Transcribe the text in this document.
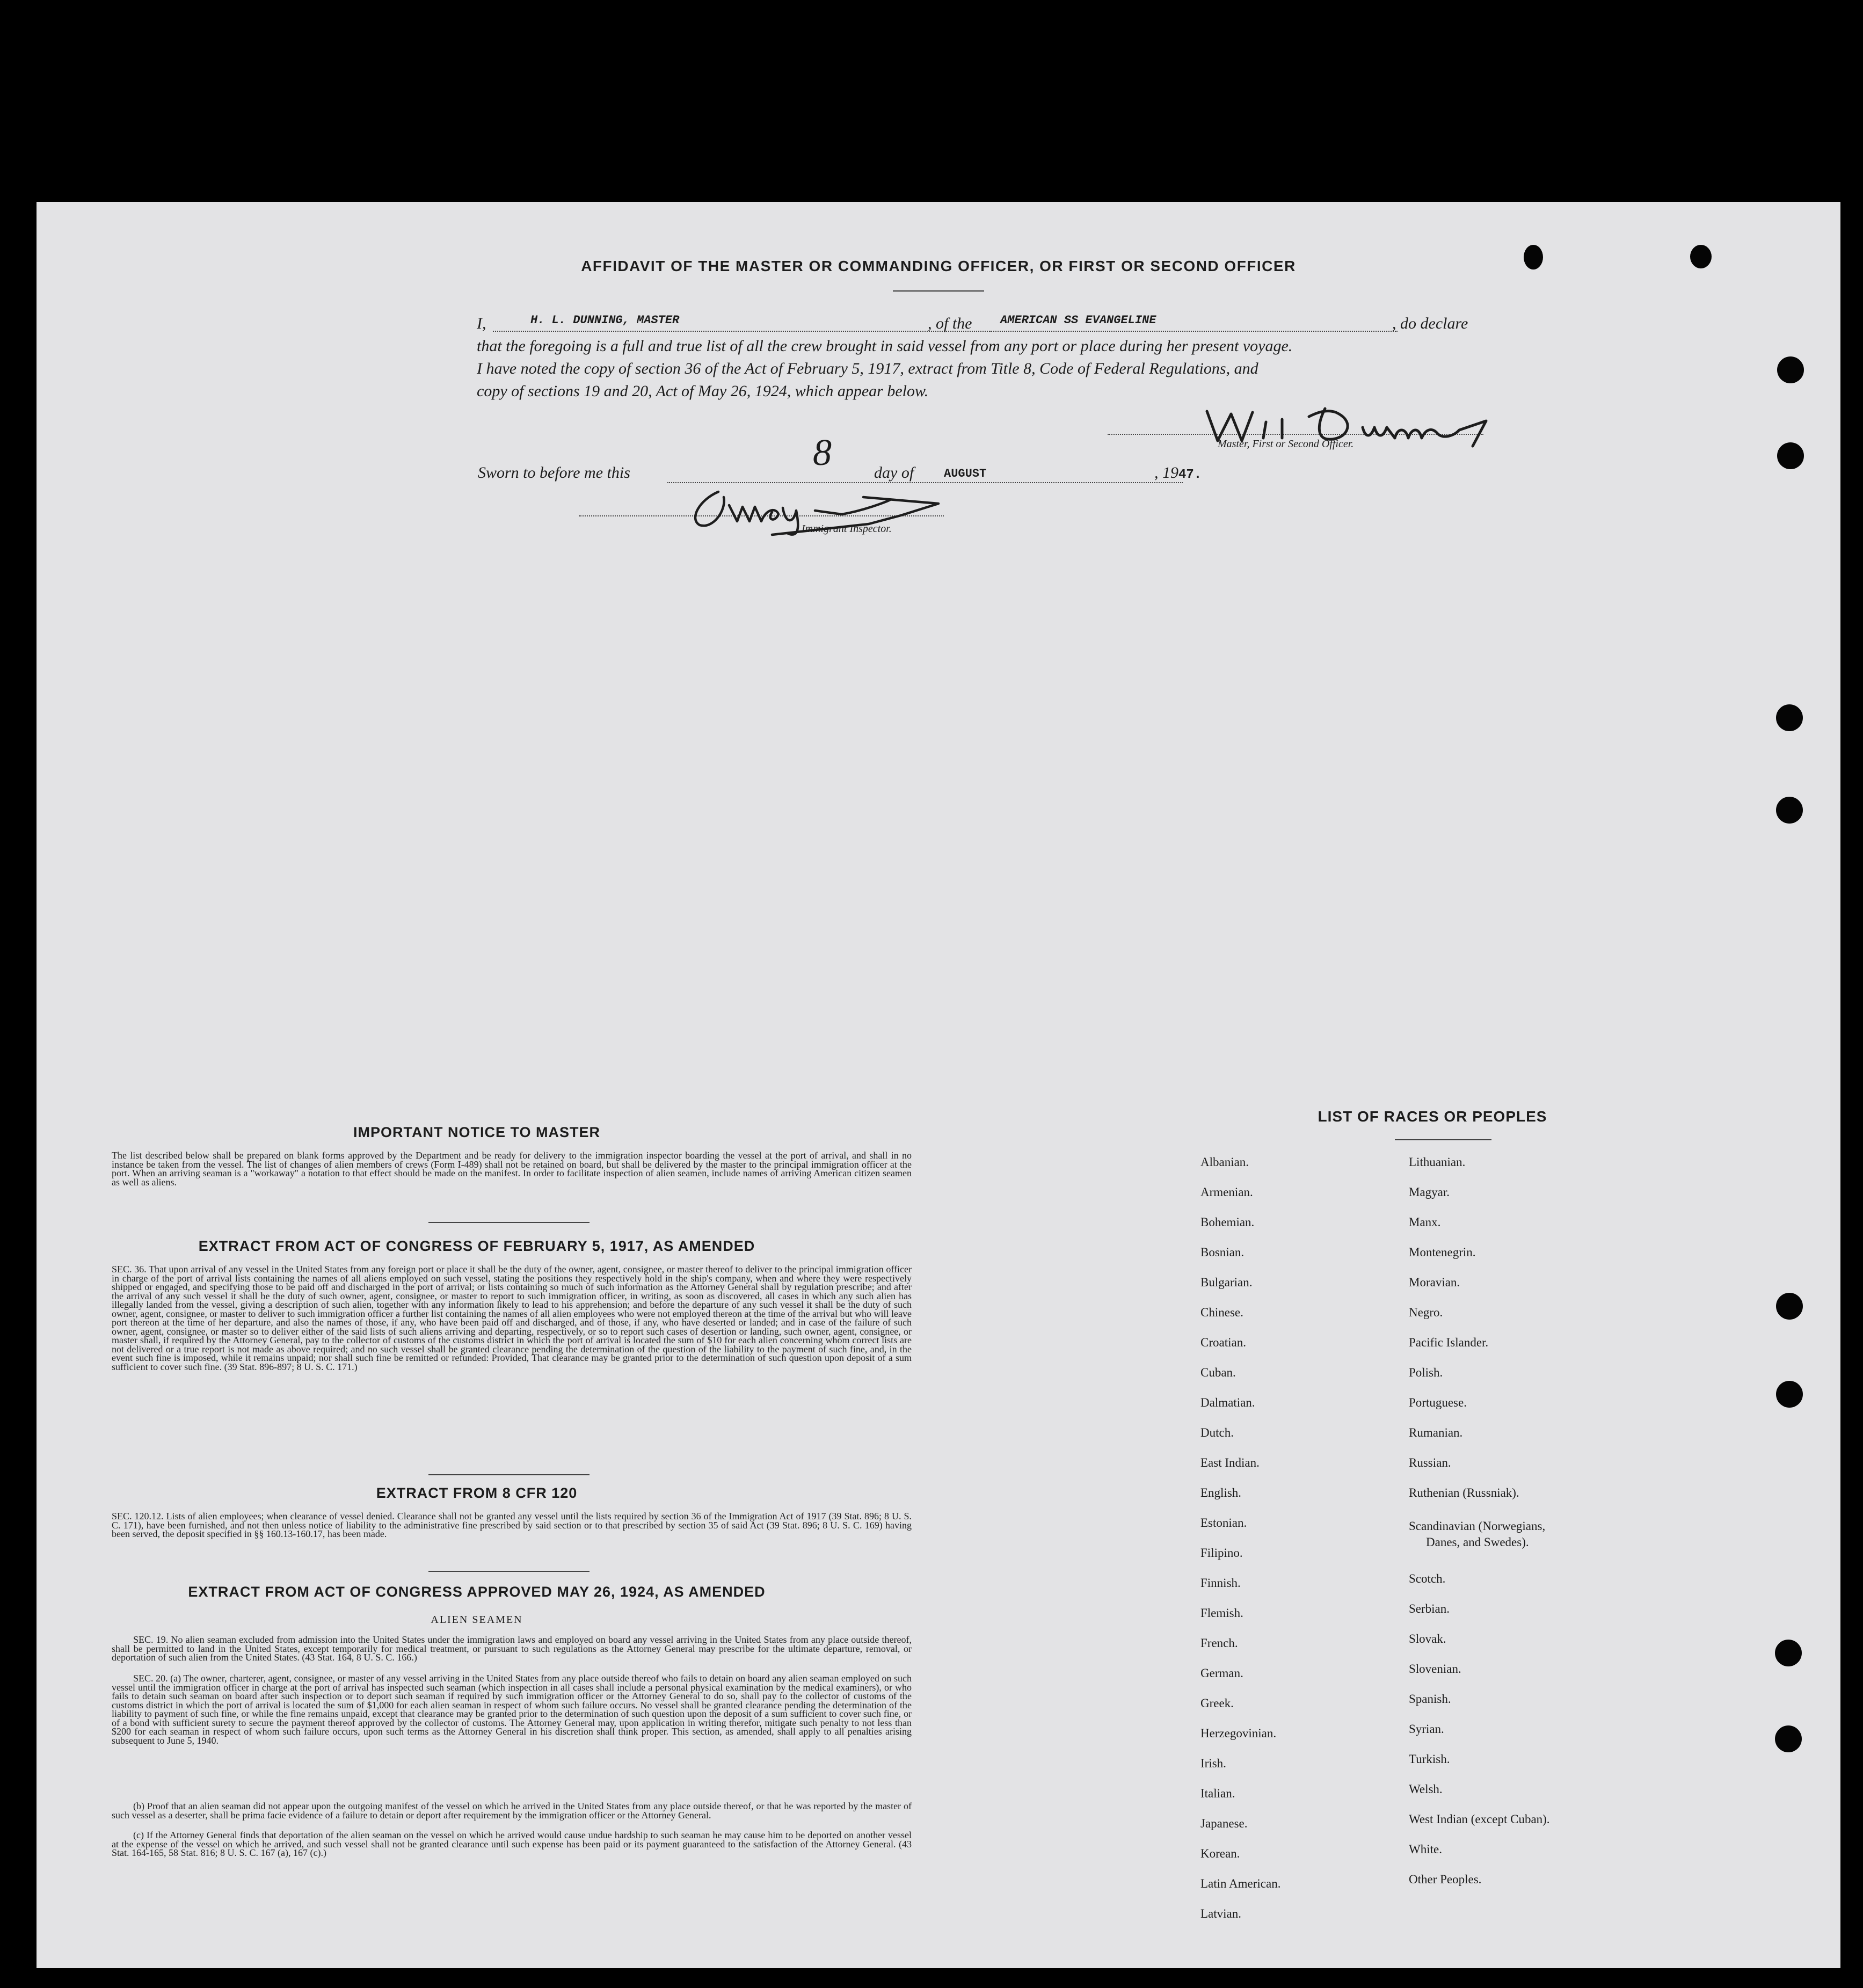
AFFIDAVIT OF THE MASTER OR COMMANDING OFFICER, OR FIRST OR SECOND OFFICER
I,	H. L. DUNNING, MASTER	, of the AMERICAN SS EVANGELINE	, do declare
that the foregoing is a full and true list of all the crew brought in said vessel from any port or place during her present voyage.
I have noted the copy of section 36 of the Act of February 5, 1917, extract from Title 8, Code of Federal Regulations, and
copy of sections 19 and 20, Act of May 26, 1924, which appear below.
Master, First or Second Officer.
Sworn to before me this	8	day of	AUGUST	, 1947.
Immigrant Inspector.
IMPORTANT NOTICE TO MASTER
The list described below shall be prepared on blank forms approved by the Department and be ready for delivery to the immigration inspector boarding the vessel at the port of arrival, and shall in no instance be taken from the vessel. The list of changes of alien members of crews (Form I-489) shall not be retained on board, but shall be delivered by the master to the principal immigration officer at the port. When an arriving seaman is a "workaway" a notation to that effect should be made on the manifest. In order to facilitate inspection of alien seamen, include names of arriving American citizen seamen as well as aliens.
EXTRACT FROM ACT OF CONGRESS OF FEBRUARY 5, 1917, AS AMENDED
SEC. 36. That upon arrival of any vessel in the United States from any foreign port or place it shall be the duty of the owner, agent, consignee, or master thereof to deliver to the principal immigration officer in charge of the port of arrival lists containing the names of all aliens employed on such vessel, stating the positions they respectively hold in the ship's company, when and where they were respectively shipped or engaged, and specifying those to be paid off and discharged in the port of arrival; or lists containing so much of such information as the Attorney General shall by regulation prescribe; and after the arrival of any such vessel it shall be the duty of such owner, agent, consignee, or master to report to such immigration officer, in writing, as soon as discovered, all cases in which any such alien has illegally landed from the vessel, giving a description of such alien, together with any information likely to lead to his apprehension; and before the departure of any such vessel it shall be the duty of such owner, agent, consignee, or master to deliver to such immigration officer a further list containing the names of all alien employees who were not employed thereon at the time of the arrival but who will leave port thereon at the time of her departure, and also the names of those, if any, who have been paid off and discharged, and of those, if any, who have deserted or landed; and in case of the failure of such owner, agent, consignee, or master so to deliver either of the said lists of such aliens arriving and departing, respectively, or so to report such cases of desertion or landing, such owner, agent, consignee, or master shall, if required by the Attorney General, pay to the collector of customs of the customs district in which the port of arrival is located the sum of $10 for each alien concerning whom correct lists are not delivered or a true report is not made as above required; and no such vessel shall be granted clearance pending the determination of the question of the liability to the payment of such fine, and, in the event such fine is imposed, while it remains unpaid; nor shall such fine be remitted or refunded: Provided, That clearance may be granted prior to the determination of such question upon deposit of a sum sufficient to cover such fine. (39 Stat. 896-897; 8 U. S. C. 171.)
EXTRACT FROM 8 CFR 120
SEC. 120.12. Lists of alien employees; when clearance of vessel denied. Clearance shall not be granted any vessel until the lists required by section 36 of the Immigration Act of 1917 (39 Stat. 896; 8 U. S. C. 171), have been furnished, and not then unless notice of liability to the administrative fine prescribed by said section or to that prescribed by section 35 of said Act (39 Stat. 896; 8 U. S. C. 169) having been served, the deposit specified in §§ 160.13-160.17, has been made.
EXTRACT FROM ACT OF CONGRESS APPROVED MAY 26, 1924, AS AMENDED
ALIEN SEAMEN
SEC. 19. No alien seaman excluded from admission into the United States under the immigration laws and employed on board any vessel arriving in the United States from any place outside thereof, shall be permitted to land in the United States, except temporarily for medical treatment, or pursuant to such regulations as the Attorney General may prescribe for the ultimate departure, removal, or deportation of such alien from the United States. (43 Stat. 164, 8 U. S. C. 166.)
SEC. 20. (a) The owner, charterer, agent, consignee, or master of any vessel arriving in the United States from any place outside thereof who fails to detain on board any alien seaman employed on such vessel until the immigration officer in charge at the port of arrival has inspected such seaman (which inspection in all cases shall include a personal physical examination by the medical examiners), or who fails to detain such seaman on board after such inspection or to deport such seaman if required by such immigration officer or the Attorney General to do so, shall pay to the collector of customs of the customs district in which the port of arrival is located the sum of $1,000 for each alien seaman in respect of whom such failure occurs. No vessel shall be granted clearance pending the determination of the liability to payment of such fine, or while the fine remains unpaid, except that clearance may be granted prior to the determination of such question upon the deposit of a sum sufficient to cover such fine, or of a bond with sufficient surety to secure the payment thereof approved by the collector of customs. The Attorney General may, upon application in writing therefor, mitigate such penalty to not less than $200 for each seaman in respect of whom such failure occurs, upon such terms as the Attorney General in his discretion shall think proper. This section, as amended, shall apply to all penalties arising subsequent to June 5, 1940.
(b) Proof that an alien seaman did not appear upon the outgoing manifest of the vessel on which he arrived in the United States from any place outside thereof, or that he was reported by the master of such vessel as a deserter, shall be prima facie evidence of a failure to detain or deport after requirement by the immigration officer or the Attorney General.
(c) If the Attorney General finds that deportation of the alien seaman on the vessel on which he arrived would cause undue hardship to such seaman he may cause him to be deported on another vessel at the expense of the vessel on which he arrived, and such vessel shall not be granted clearance until such expense has been paid or its payment guaranteed to the satisfaction of the Attorney General. (43 Stat. 164-165, 58 Stat. 816; 8 U. S. C. 167 (a), 167 (c).)
LIST OF RACES OR PEOPLES
Albanian.
Armenian.
Bohemian.
Bosnian.
Bulgarian.
Chinese.
Croatian.
Cuban.
Dalmatian.
Dutch.
East Indian.
English.
Estonian.
Filipino.
Finnish.
Flemish.
French.
German.
Greek.
Herzegovinian.
Irish.
Italian.
Japanese.
Korean.
Latin American.
Latvian.
Lithuanian.
Magyar.
Manx.
Montenegrin.
Moravian.
Negro.
Pacific Islander.
Polish.
Portuguese.
Rumanian.
Russian.
Ruthenian (Russniak).
Scandinavian (Norwegians,
Danes, and Swedes).
Scotch.
Serbian.
Slovak.
Slovenian.
Spanish.
Syrian.
Turkish.
Welsh.
West Indian (except Cuban).
White.
Other Peoples.
